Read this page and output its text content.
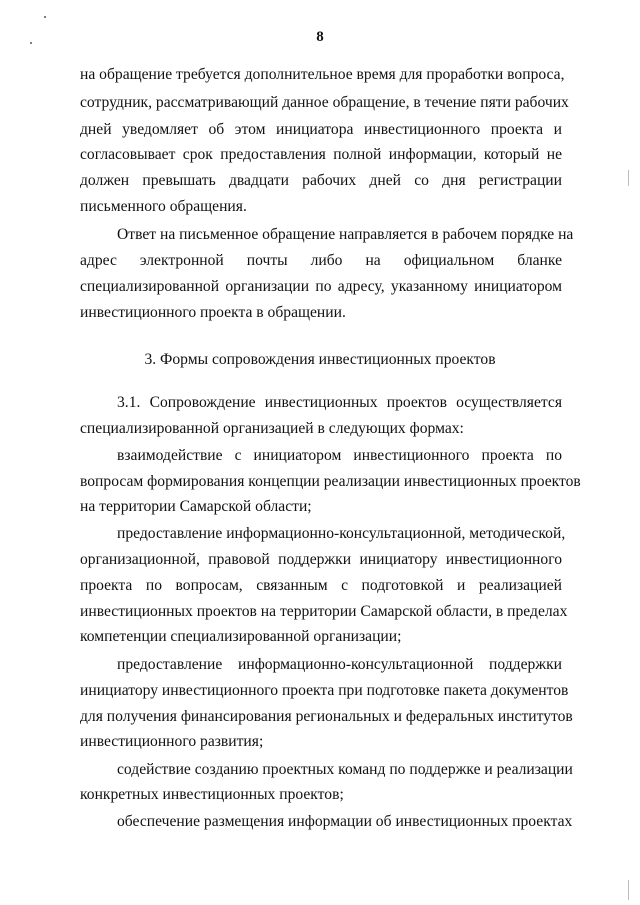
8
на обращение требуется дополнительное время для проработки вопроса,
сотрудник, рассматривающий данное обращение, в течение пяти рабочих
дней уведомляет об этом инициатора инвестиционного проекта и
согласовывает срок предоставления полной информации, который не
должен превышать двадцати рабочих дней со дня регистрации
письменного обращения.
Ответ на письменное обращение направляется в рабочем порядке на
адрес электронной почты либо на официальном бланке
специализированной организации по адресу, указанному инициатором
инвестиционного проекта в обращении.
3. Формы сопровождения инвестиционных проектов
3.1. Сопровождение инвестиционных проектов осуществляется
специализированной организацией в следующих формах:
взаимодействие с инициатором инвестиционного проекта по
вопросам формирования концепции реализации инвестиционных проектов
на территории Самарской области;
предоставление информационно-консультационной, методической,
организационной, правовой поддержки инициатору инвестиционного
проекта по вопросам, связанным с подготовкой и реализацией
инвестиционных проектов на территории Самарской области, в пределах
компетенции специализированной организации;
предоставление информационно-консультационной поддержки
инициатору инвестиционного проекта при подготовке пакета документов
для получения финансирования региональных и федеральных институтов
инвестиционного развития;
содействие созданию проектных команд по поддержке и реализации
конкретных инвестиционных проектов;
обеспечение размещения информации об инвестиционных проектах
